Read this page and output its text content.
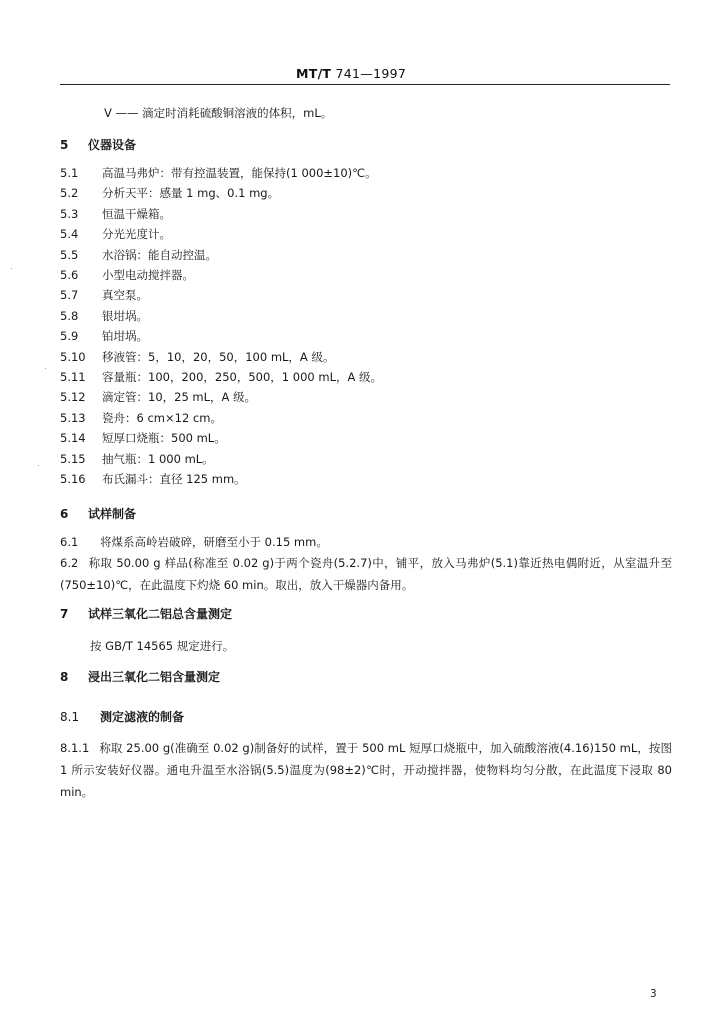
MT/T 741—1997
V —— 滴定时消耗硫酸铜溶液的体积，mL。
5 仪器设备
5.1 高温马弗炉：带有控温装置，能保持(1 000±10)℃。
5.2 分析天平：感量 1 mg、0.1 mg。
5.3 恒温干燥箱。
5.4 分光光度计。
5.5 水浴锅：能自动控温。
5.6 小型电动搅拌器。
5.7 真空泵。
5.8 银坩埚。
5.9 铂坩埚。
5.10 移液管：5，10，20，50，100 mL，A 级。
5.11 容量瓶：100，200，250，500，1 000 mL，A 级。
5.12 滴定管：10，25 mL，A 级。
5.13 瓷舟：6 cm×12 cm。
5.14 短厚口烧瓶：500 mL。
5.15 抽气瓶：1 000 mL。
5.16 布氏漏斗：直径 125 mm。
6 试样制备
6.1 将煤系高岭岩破碎，研磨至小于 0.15 mm。
6.2 称取 50.00 g 样品(称准至 0.02 g)于两个瓷舟(5.2.7)中，铺平，放入马弗炉(5.1)靠近热电偶附近，从室温升至(750±10)℃，在此温度下灼烧 60 min。取出，放入干燥器内备用。
7 试样三氧化二铝总含量测定
按 GB/T 14565 规定进行。
8 浸出三氧化二铝含量测定
8.1 测定滤液的制备
8.1.1 称取 25.00 g(准确至 0.02 g)制备好的试样，置于 500 mL 短厚口烧瓶中，加入硫酸溶液(4.16)150 mL，按图 1 所示安装好仪器。通电升温至水浴锅(5.5)温度为(98±2)℃时，开动搅拌器，使物料均匀分散，在此温度下浸取 80 min。
3
